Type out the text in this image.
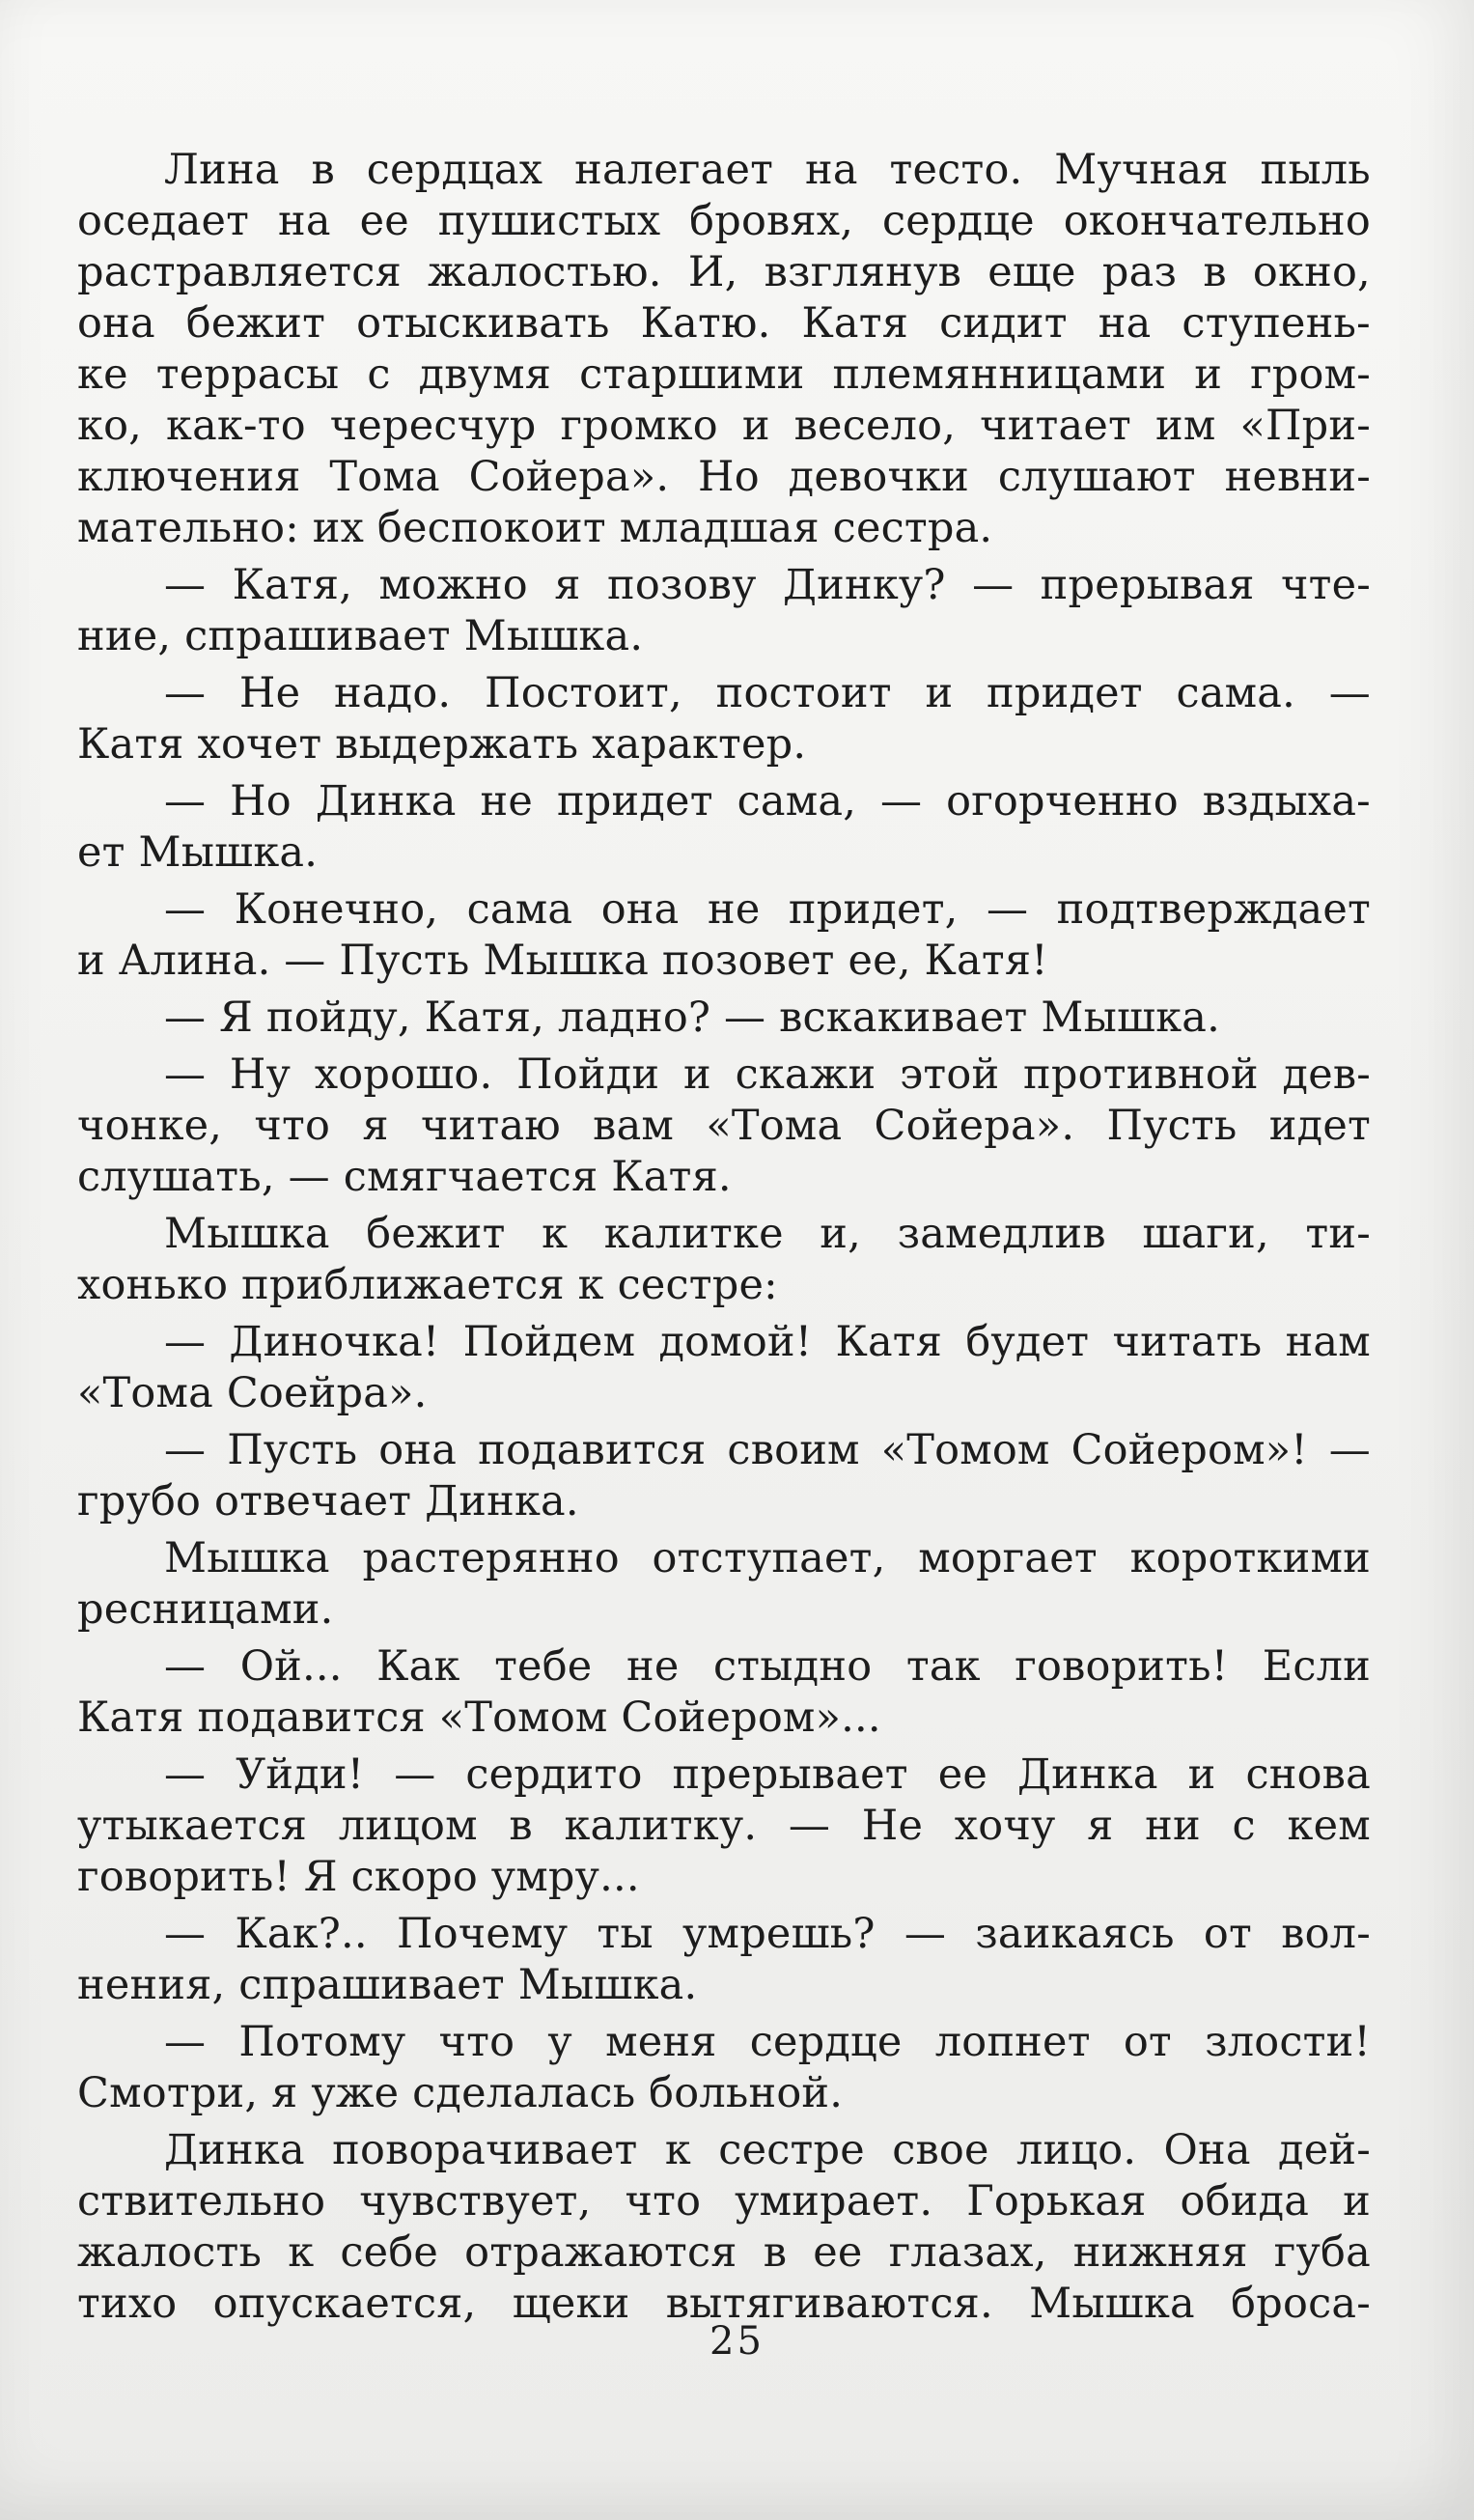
Лина в сердцах налегает на тесто. Мучная пыль
оседает на ее пушистых бровях, сердце окончательно
растравляется жалостью. И, взглянув еще раз в окно,
она бежит отыскивать Катю. Катя сидит на ступень-
ке террасы с двумя старшими племянницами и гром-
ко, как-то чересчур громко и весело, читает им «При-
ключения Тома Сойера». Но девочки слушают невни-
мательно: их беспокоит младшая сестра.
— Катя, можно я позову Динку? — прерывая чте-
ние, спрашивает Мышка.
— Не надо. Постоит, постоит и придет сама. —
Катя хочет выдержать характер.
— Но Динка не придет сама, — огорченно вздыха-
ет Мышка.
— Конечно, сама она не придет, — подтверждает
и Алина. — Пусть Мышка позовет ее, Катя!
— Я пойду, Катя, ладно? — вскакивает Мышка.
— Ну хорошо. Пойди и скажи этой противной дев-
чонке, что я читаю вам «Тома Сойера». Пусть идет
слушать, — смягчается Катя.
Мышка бежит к калитке и, замедлив шаги, ти-
хонько приближается к сестре:
— Диночка! Пойдем домой! Катя будет читать нам
«Тома Соейра».
— Пусть она подавится своим «Томом Сойером»! —
грубо отвечает Динка.
Мышка растерянно отступает, моргает короткими
ресницами.
— Ой... Как тебе не стыдно так говорить! Если
Катя подавится «Томом Сойером»...
— Уйди! — сердито прерывает ее Динка и снова
утыкается лицом в калитку. — Не хочу я ни с кем
говорить! Я скоро умру...
— Как?.. Почему ты умрешь? — заикаясь от вол-
нения, спрашивает Мышка.
— Потому что у меня сердце лопнет от злости!
Смотри, я уже сделалась больной.
Динка поворачивает к сестре свое лицо. Она дей-
ствительно чувствует, что умирает. Горькая обида и
жалость к себе отражаются в ее глазах, нижняя губа
тихо опускается, щеки вытягиваются. Мышка броса-
25
